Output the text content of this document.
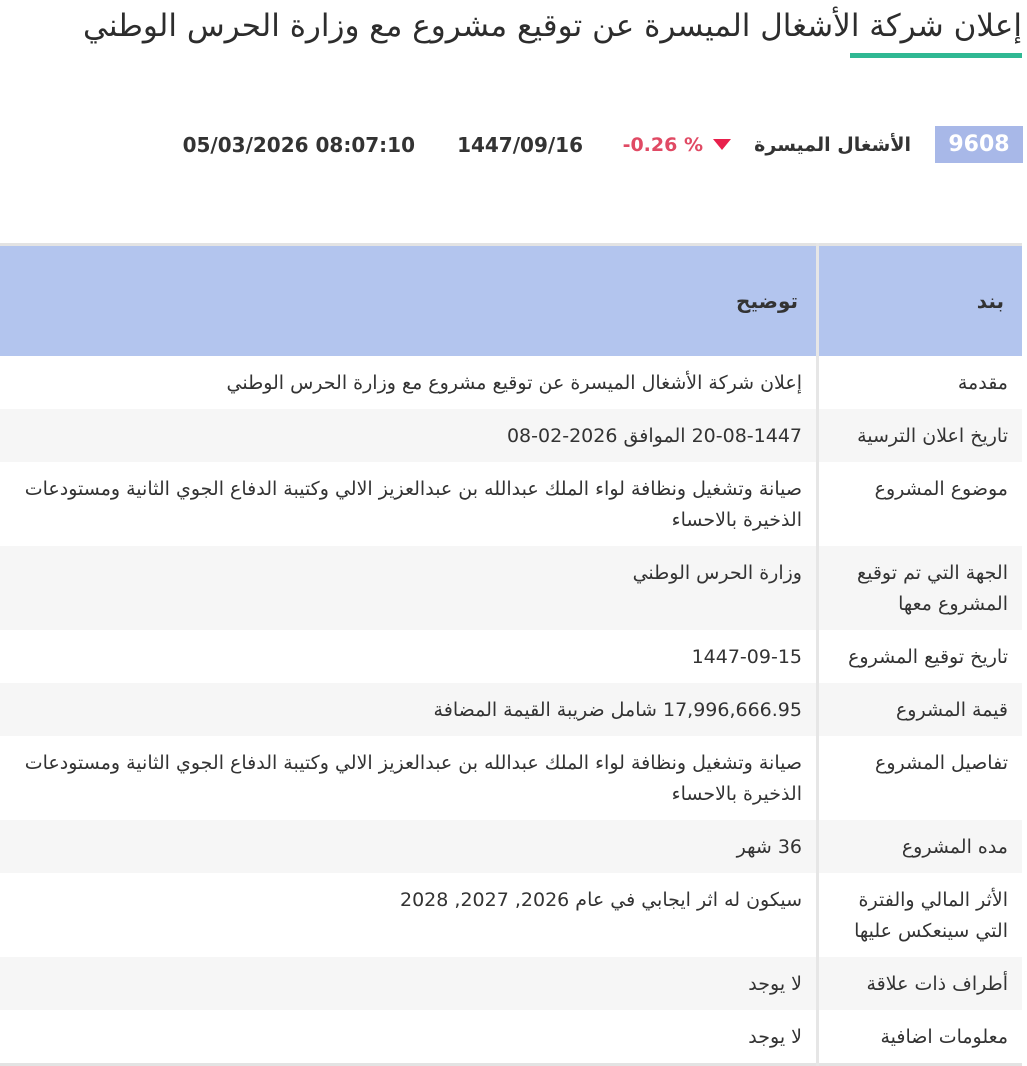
إعلان شركة الأشغال الميسرة عن توقيع مشروع مع وزارة الحرس الوطني
9608
الأشغال الميسرة
-0.26 %
1447/09/16
05/03/2026 08:07:10
بند	توضيح
مقدمة	إعلان شركة الأشغال الميسرة عن توقيع مشروع مع وزارة الحرس الوطني
تاريخ اعلان الترسية	20-08-1447 الموافق 2026-02-08
موضوع المشروع	صيانة وتشغيل ونظافة لواء الملك عبدالله بن عبدالعزيز الالي وكتيبة الدفاع الجوي الثانية ومستودعات الذخيرة بالاحساء
الجهة التي تم توقيع المشروع معها	وزارة الحرس الوطني
تاريخ توقيع المشروع	1447-09-15
قيمة المشروع	17,996,666.95 شامل ضريبة القيمة المضافة
تفاصيل المشروع	صيانة وتشغيل ونظافة لواء الملك عبدالله بن عبدالعزيز الالي وكتيبة الدفاع الجوي الثانية ومستودعات الذخيرة بالاحساء
مده المشروع	36 شهر
الأثر المالي والفترة التي سينعكس عليها	سيكون له اثر ايجابي في عام 2026, 2027, 2028
أطراف ذات علاقة	لا يوجد
معلومات اضافية	لا يوجد
